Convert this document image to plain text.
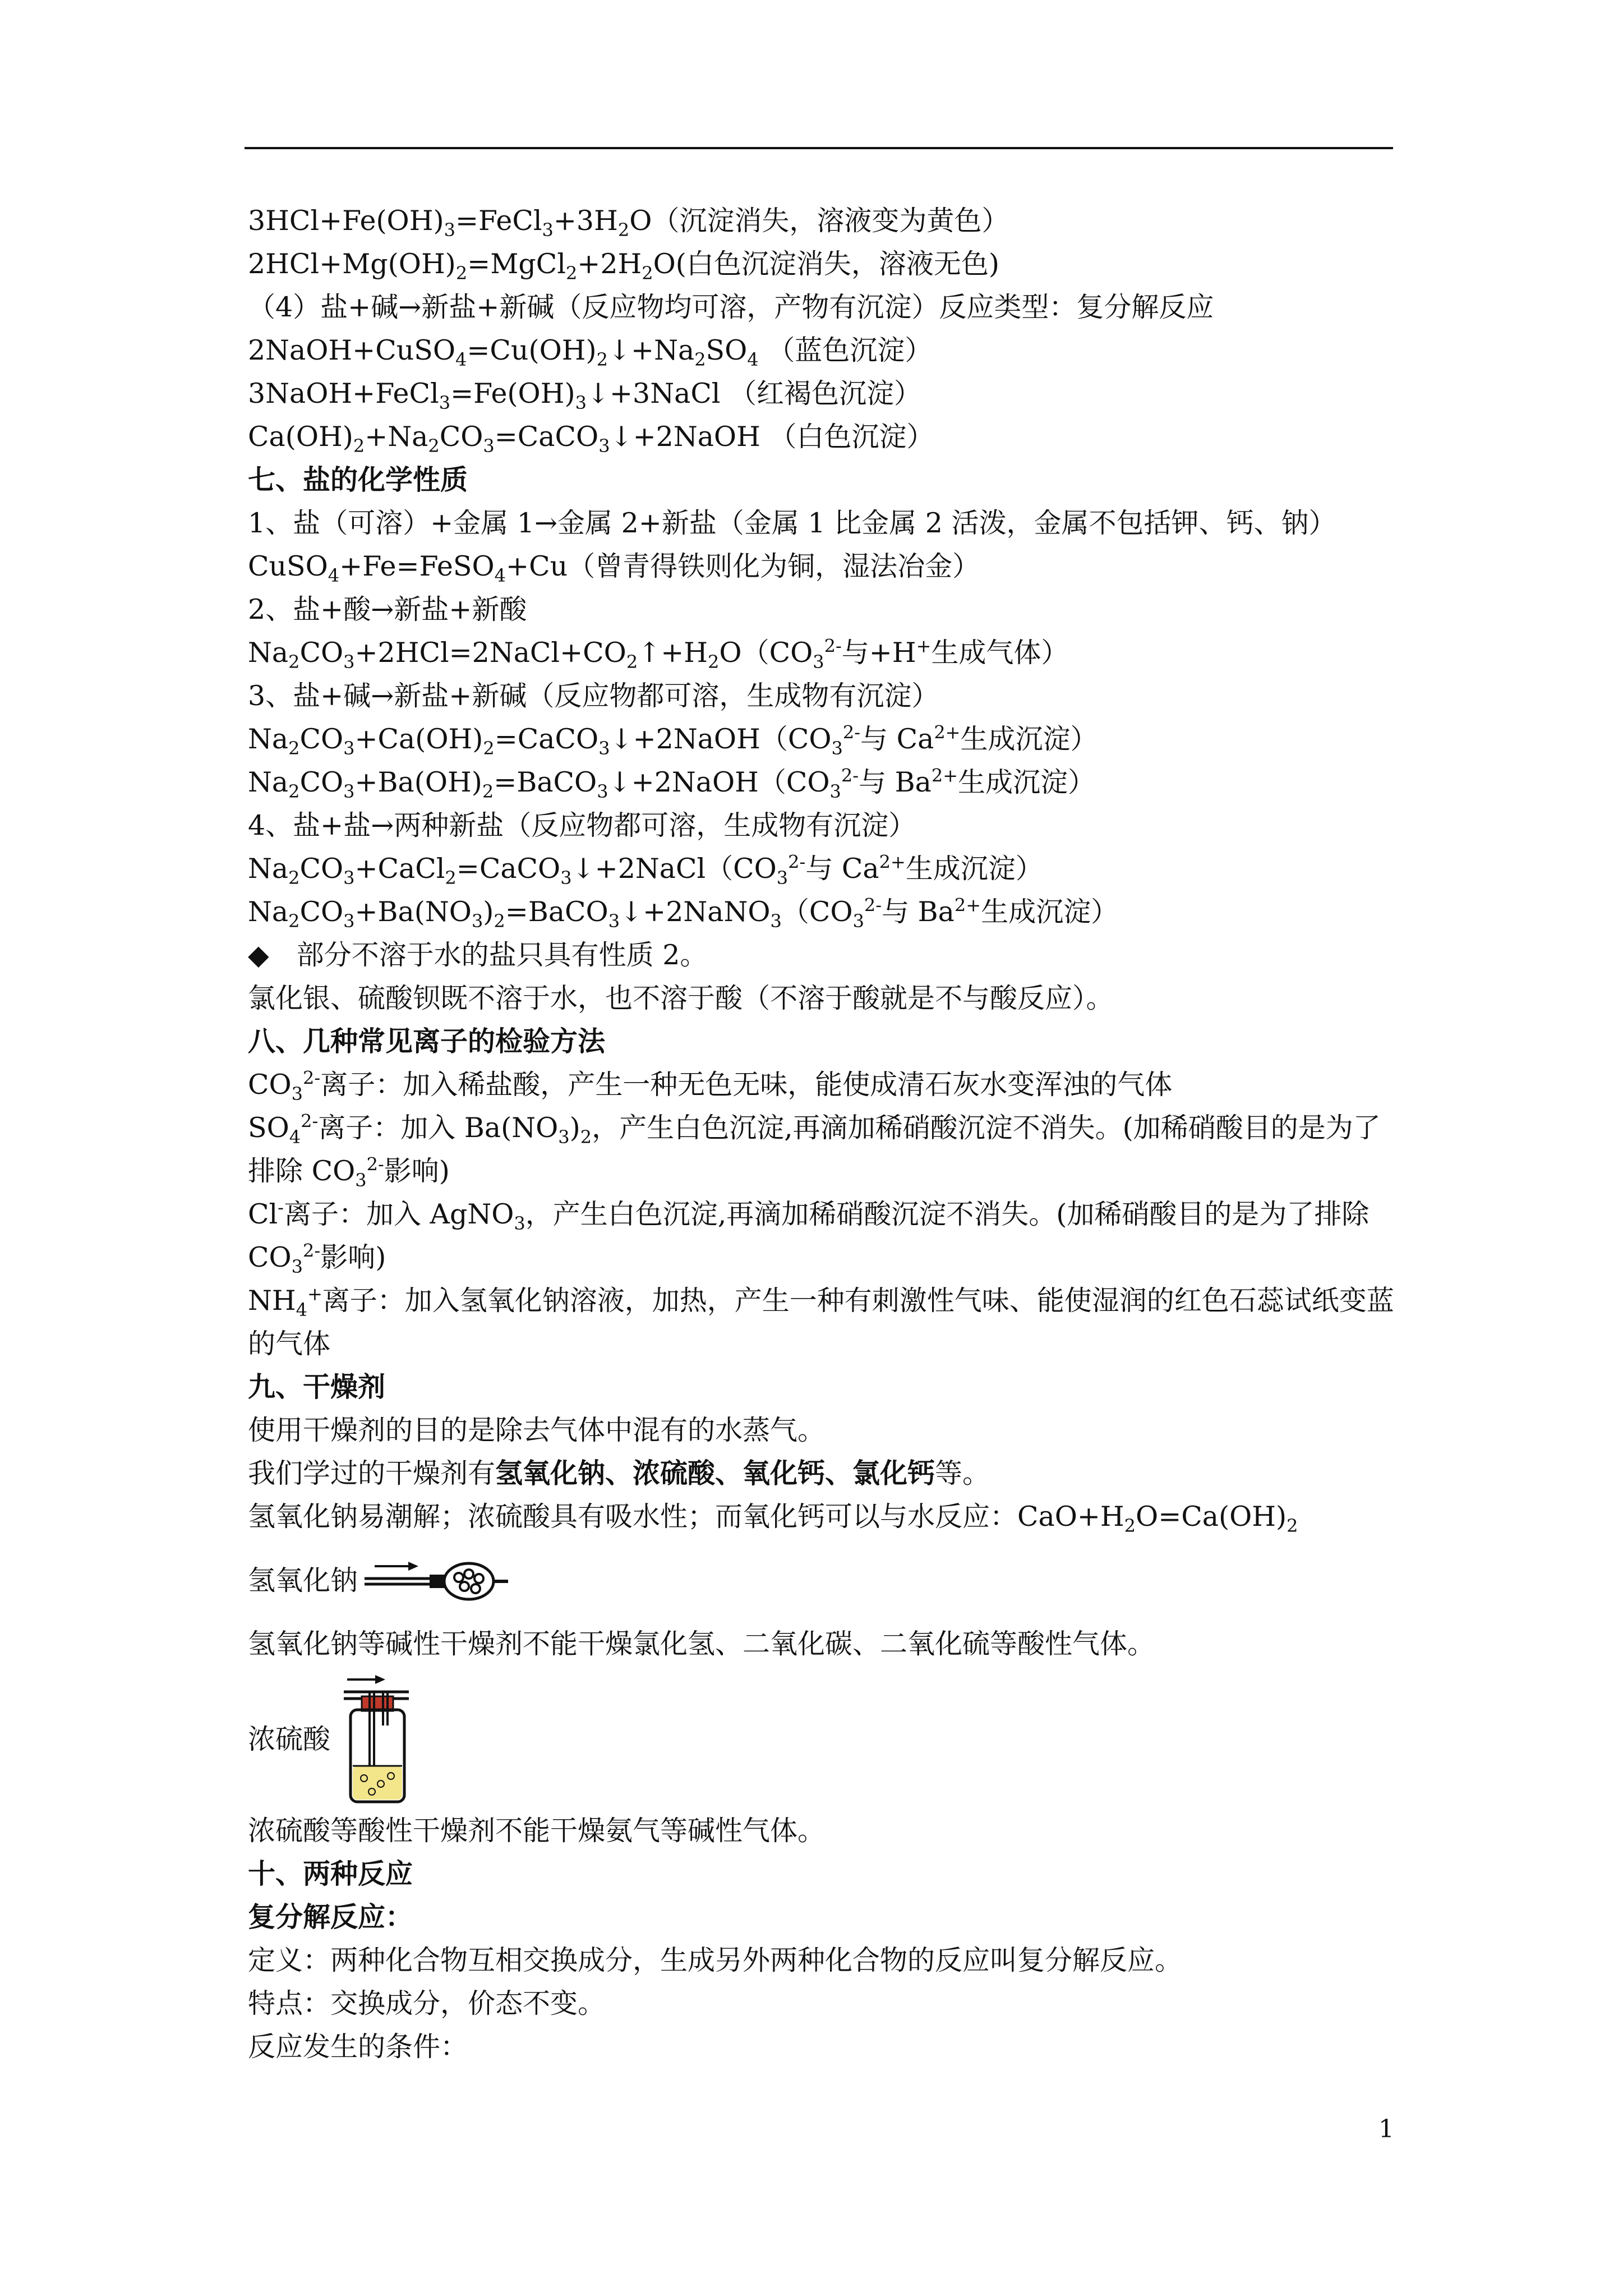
$3HCl+Fe(OH)_3=FeCl_3+3H_2O$（沉淀消失，溶液变为黄色）
$2HCl+Mg(OH)_2=MgCl_2+2H_2O$(白色沉淀消失，溶液无色)
（4）盐+碱→新盐+新碱（反应物均可溶，产物有沉淀）反应类型：复分解反应
$2NaOH+CuSO_4=Cu(OH)_2↓+Na_2SO_4$ （蓝色沉淀）
$3NaOH+FeCl_3=Fe(OH)_3↓+3NaCl$ （红褐色沉淀）
$Ca(OH)_2+Na_2CO_3=CaCO_3↓+2NaOH$ （白色沉淀）
七、盐的化学性质
1、盐（可溶）+金属 1→金属 2+新盐（金属 1 比金属 2 活泼，金属不包括钾、钙、钠）
CuSO$_4$+Fe=FeSO$_4$+Cu（曾青得铁则化为铜，湿法冶金）
2、盐+酸→新盐+新酸
$Na_2CO_3+2HCl=2NaCl+CO_2↑+H_2O(CO_3^{2-}$与+H+生成气体）
3、盐+碱→新盐+新碱（反应物都可溶，生成物有沉淀）
$Na_2CO_3+Ca(OH)_2=CaCO_3↓+2NaOH(CO_3^{2-}$与 $Ca^{2+}$生成沉淀）
$Na_2CO_3+Ba(OH)_2=BaCO_3↓+2NaOH(CO_3^{2-}$与 $Ba^{2+}$生成沉淀）
4、盐+盐→两种新盐（反应物都可溶，生成物有沉淀）
$Na_2CO_3+CaCl_2=CaCO_3↓+2NaCl(CO_3^{2-}$与 $Ca^{2+}$生成沉淀）
$Na_2CO_3+Ba(NO_3)_2=BaCO_3↓+2NaNO_3(CO_3^{2-}$与 $Ba^{2+}$生成沉淀）
◆　部分不溶于水的盐只具有性质 2。
氯化银、硫酸钡既不溶于水，也不溶于酸（不溶于酸就是不与酸反应）。
八、几种常见离子的检验方法
$CO_3^{2-}$离子：加入稀盐酸，产生一种无色无味，能使成清石灰水变浑浊的气体
$SO_4^{2-}$离子：加入 $Ba(NO_3)_2$，产生白色沉淀,再滴加稀硝酸沉淀不消失。(加稀硝酸目的是为了排除 $CO_3^{2-}$影响)
Cl-离子：加入 AgNO$_3$，产生白色沉淀,再滴加稀硝酸沉淀不消失。(加稀硝酸目的是为了排除 $CO_3^{2-}$影响)
$NH_4^+$离子：加入氢氧化钠溶液，加热，产生一种有刺激性气味、能使湿润的红色石蕊试纸变蓝的气体
九、干燥剂
使用干燥剂的目的是除去气体中混有的水蒸气。
我们学过的干燥剂有氢氧化钠、浓硫酸、氧化钙、氯化钙等。
氢氧化钠易潮解；浓硫酸具有吸水性；而氧化钙可以与水反应：$CaO+H_2O=Ca(OH)_2$
氢氧化钠
氢氧化钠等碱性干燥剂不能干燥氯化氢、二氧化碳、二氧化硫等酸性气体。
浓硫酸
浓硫酸等酸性干燥剂不能干燥氨气等碱性气体。
十、两种反应
复分解反应：
定义：两种化合物互相交换成分，生成另外两种化合物的反应叫复分解反应。
特点：交换成分，价态不变。
反应发生的条件：
1
